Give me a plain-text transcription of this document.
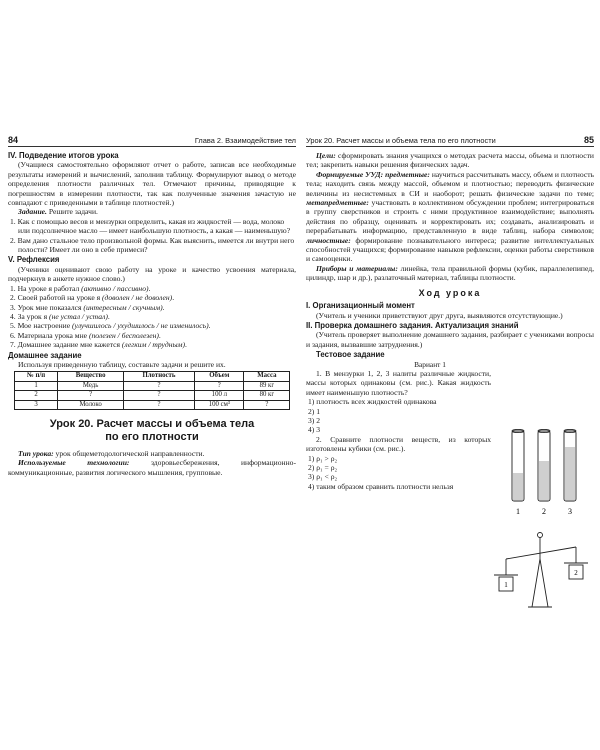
84	Глава 2. Взаимодействие тел
IV. Подведение итогов урока

(Учащиеся самостоятельно оформляют отчет о работе, записав все необходимые результаты измерений и вычислений, заполнив таблицу. Формулируют вывод о методе определения плотности различных тел. Отмечают причины, приводящие к погрешностям в измерении плотности, так как полученные значения зачастую не совпадают с приведенными в таблице плотностей.)

Задание. Решите задачи.

1. Как с помощью весов и мензурки определить, какая из жидкостей — вода, молоко или подсолнечное масло — имеет наибольшую плотность, а какая — наименьшую?
2. Вам дано стальное тело произвольной формы. Как выяснить, имеется ли внутри него полости? Имеет ли оно в себе примеси?
V. Рефлексия

(Ученики оценивают свою работу на уроке и качество усвоения материала, подчеркнув в анкете нужное слово.)

1. На уроке я работал (активно / пассивно).
2. Своей работой на уроке я (доволен / не доволен).
3. Урок мне показался (интересным / скучным).
4. За урок я (не устал / устал).
5. Мое настроение (улучшилось / ухудшилось / не изменилось).
6. Материала урока мне (полезен / бесполезен).
7. Домашнее задание мне кажется (легким / трудным).
Домашнее задание

Используя приведенную таблицу, составьте задачи и решите их.

№ п/п	Вещество	Плотность	Объем	Масса
1	Медь	?	?	89 кг
2	?	?	100 л	80 кг
3	Молоко	?	100 см³	?
Урок 20. Расчет массы и объема тела
по его плотности

Тип урока: урок общеметодологической направленности.

Используемые технологии: здоровьесбережения, информационно-коммуникационные, развития логического мышления, групповые.

Урок 20. Расчет массы и объема тела по его плотности	85

Цели: сформировать знания учащихся о методах расчета массы, объема и плотности тел; закрепить навыки решения физических задач.

Формируемые УУД: предметные: научиться рассчитывать массу, объем и плотность тела; находить связь между массой, объемом и плотностью; переводить физические величины из несистемных в СИ и наоборот; решать физические задачи по теме; метапредметные: участвовать в коллективном обсуждении проблем; интегрироваться в группу сверстников и строить с ними продуктивное взаимодействие; выполнять действия по образцу, оценивать и корректировать их; создавать, анализировать и перерабатывать информацию, представленную в виде таблиц, набора символов; личностные: формирование познавательного интереса; развитие интеллектуальных способностей учащихся; формирование навыков рефлексии, оценки работы сверстников и самооценки.

Приборы и материалы: линейка, тела правильной формы (кубик, параллелепипед, цилиндр, шар и др.), разлаточный материал, таблицы плотности.

Ход урока
I. Организационный момент

(Учитель и ученики приветствуют друг друга, выявляются отсутствующие.)

II. Проверка домашнего задания. Актуализация знаний

(Учитель проверяет выполнение домашнего задания, разбирает с учениками вопросы и задания, вызвавшие затруднения.)

Тестовое задание
Вариант 1

1. В мензурки 1, 2, 3 налиты различные жидкости, массы которых одинаковы (см. рис.). Какая жидкость имеет наименьшую плотность?

1) плотность всех жидкостей одинакова
2) 1
3) 2
4) 3

2. Сравните плотности веществ, из которых изготовлены кубики (см. рис.).

1) ρ₁ > ρ₂
2) ρ₁ = ρ₂
3) ρ₁ < ρ₂
4) таким образом сравнить плотности нельзя
1	2	3
1
2
